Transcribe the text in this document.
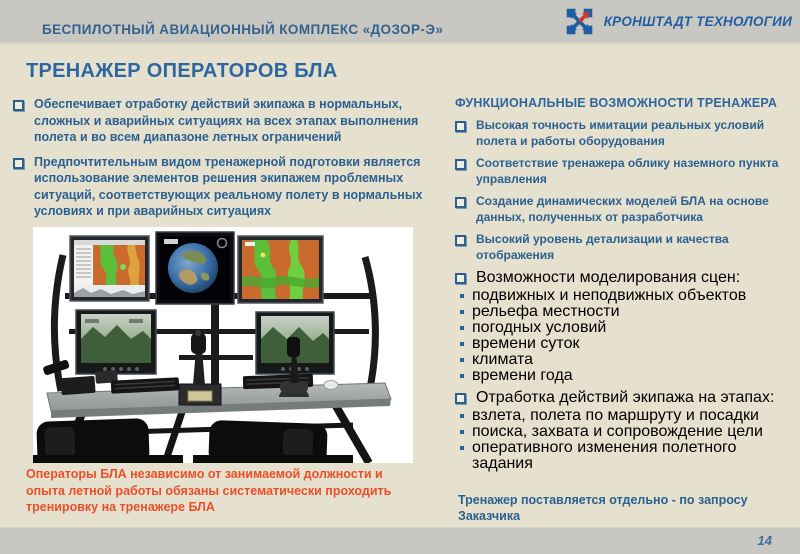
БЕСПИЛОТНЫЙ АВИАЦИОННЫЙ КОМПЛЕКС «ДОЗОР-Э»
КРОНШТАДТ ТЕХНОЛОГИИ
ТРЕНАЖЕР ОПЕРАТОРОВ БЛА
Обеспечивает отработку действий экипажа в нормальных, сложных и аварийных ситуациях на всех этапах выполнения полета и во всем диапазоне летных ограничений
Предпочтительным видом тренажерной подготовки является использование элементов решения экипажем проблемных ситуаций, соответствующих реальному полету в нормальных условиях и при аварийных ситуациях
Операторы БЛА независимо от занимаемой должности и опыта летной работы обязаны систематически проходить тренировку на тренажере БЛА
ФУНКЦИОНАЛЬНЫЕ ВОЗМОЖНОСТИ ТРЕНАЖЕРА
Высокая точность имитации реальных условий полета и работы оборудования
Соответствие тренажера облику наземного пункта управления
Создание динамических моделей БЛА на основе данных, полученных от разработчика
Высокий уровень детализации и качества отображения
Возможности моделирования сцен:
подвижных и неподвижных объектов
рельефа местности
погодных условий
времени суток
климата
времени года
Отработка действий экипажа на этапах:
взлета, полета по маршруту и посадки
поиска, захвата и сопровождение цели
оперативного изменения полетного задания
Тренажер поставляется отдельно - по запросу Заказчика
14
